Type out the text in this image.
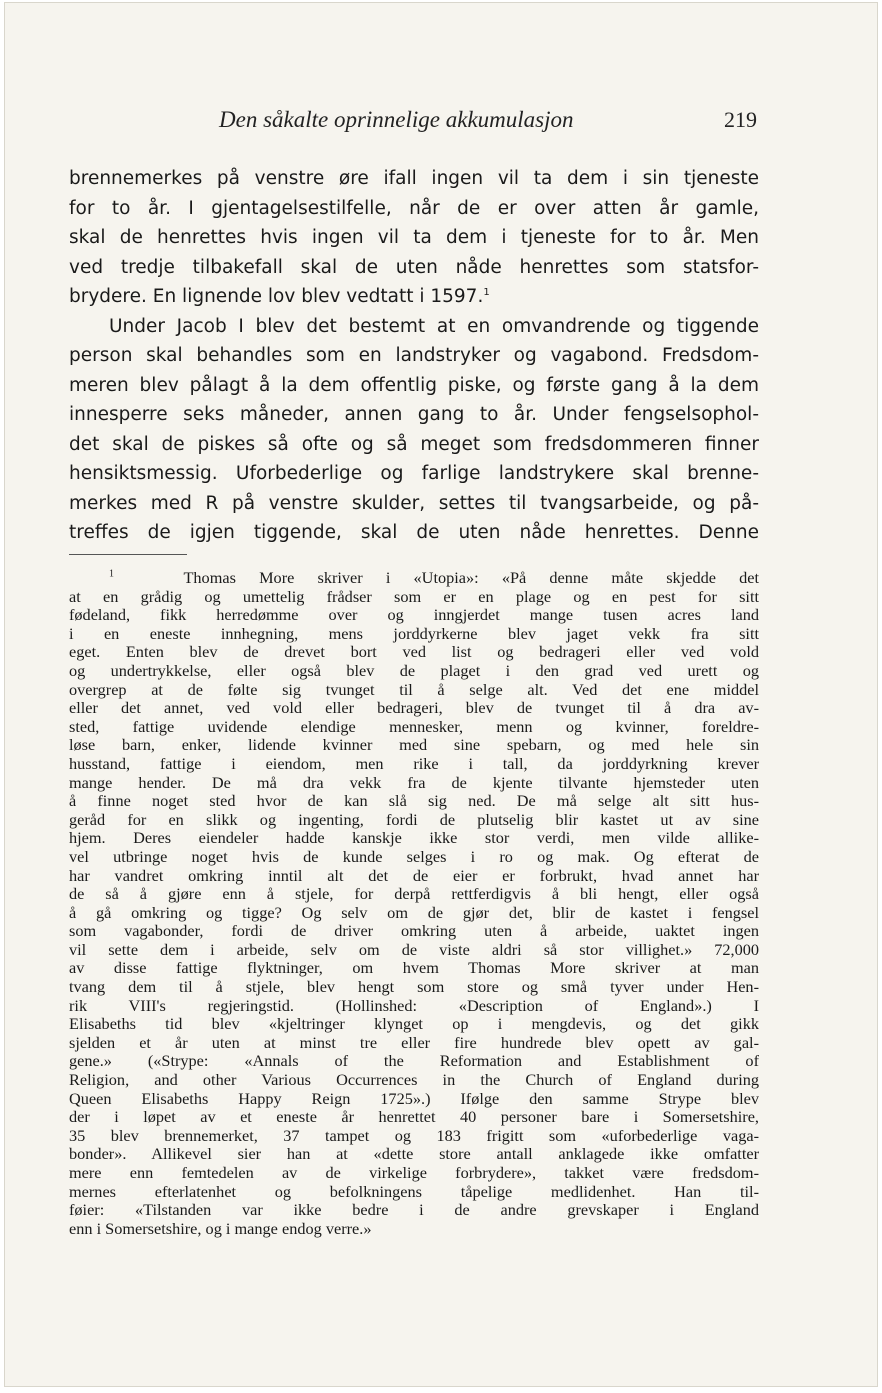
Den såkalte oprinnelige akkumulasjon	219
brennemerkes på venstre øre ifall ingen vil ta dem i sin tjeneste
for to år. I gjentagelsestilfelle, når de er over atten år gamle,
skal de henrettes hvis ingen vil ta dem i tjeneste for to år. Men
ved tredje tilbakefall skal de uten nåde henrettes som statsfor-
brydere. En lignende lov blev vedtatt i 1597.$^1$
Under Jacob I blev det bestemt at en omvandrende og tiggende
person skal behandles som en landstryker og vagabond. Fredsdom-
meren blev pålagt å la dem offentlig piske, og første gang å la dem
innesperre seks måneder, annen gang to år. Under fengselsophol-
det skal de piskes så ofte og så meget som fredsdommeren finner
hensiktsmessig. Uforbederlige og farlige landstrykere skal brenne-
merkes med R på venstre skulder, settes til tvangsarbeide, og på-
treffes de igjen tiggende, skal de uten nåde henrettes. Denne
$^1$	Thomas More skriver i «Utopia»: «På denne måte skjedde det
at en grådig og umettelig frådser som er en plage og en pest for sitt
fødeland, fikk herredømme over og inngjerdet mange tusen acres land
i en eneste innhegning, mens jorddyrkerne blev jaget vekk fra sitt
eget. Enten blev de drevet bort ved list og bedrageri eller ved vold
og undertrykkelse, eller også blev de plaget i den grad ved urett og
overgrep at de følte sig tvunget til å selge alt. Ved det ene middel
eller det annet, ved vold eller bedrageri, blev de tvunget til å dra av-
sted, fattige uvidende elendige mennesker, menn og kvinner, foreldre-
løse barn, enker, lidende kvinner med sine spebarn, og med hele sin
husstand, fattige i eiendom, men rike i tall, da jorddyrkning krever
mange hender. De må dra vekk fra de kjente tilvante hjemsteder uten
å finne noget sted hvor de kan slå sig ned. De må selge alt sitt hus-
geråd for en slikk og ingenting, fordi de plutselig blir kastet ut av sine
hjem. Deres eiendeler hadde kanskje ikke stor verdi, men vilde allike-
vel utbringe noget hvis de kunde selges i ro og mak. Og efterat de
har vandret omkring inntil alt det de eier er forbrukt, hvad annet har
de så å gjøre enn å stjele, for derpå rettferdigvis å bli hengt, eller også
å gå omkring og tigge? Og selv om de gjør det, blir de kastet i fengsel
som vagabonder, fordi de driver omkring uten å arbeide, uaktet ingen
vil sette dem i arbeide, selv om de viste aldri så stor villighet.» 72,000
av disse fattige flyktninger, om hvem Thomas More skriver at man
tvang dem til å stjele, blev hengt som store og små tyver under Hen-
rik VIII's regjeringstid. (Hollinshed: «Description of England».) I
Elisabeths tid blev «kjeltringer klynget op i mengdevis, og det gikk
sjelden et år uten at minst tre eller fire hundrede blev opett av gal-
gene.» («Strype: «Annals of the Reformation and Establishment of
Religion, and other Various Occurrences in the Church of England during
Queen Elisabeths Happy Reign 1725».) Ifølge den samme Strype blev
der i løpet av et eneste år henrettet 40 personer bare i Somersetshire,
35 blev brennemerket, 37 tampet og 183 frigitt som «uforbederlige vaga-
bonder». Allikevel sier han at «dette store antall anklagede ikke omfatter
mere enn femtedelen av de virkelige forbrydere», takket være fredsdom-
mernes efterlatenhet og befolkningens tåpelige medlidenhet. Han til-
føier: «Tilstanden var ikke bedre i de andre grevskaper i England
enn i Somersetshire, og i mange endog verre.»
